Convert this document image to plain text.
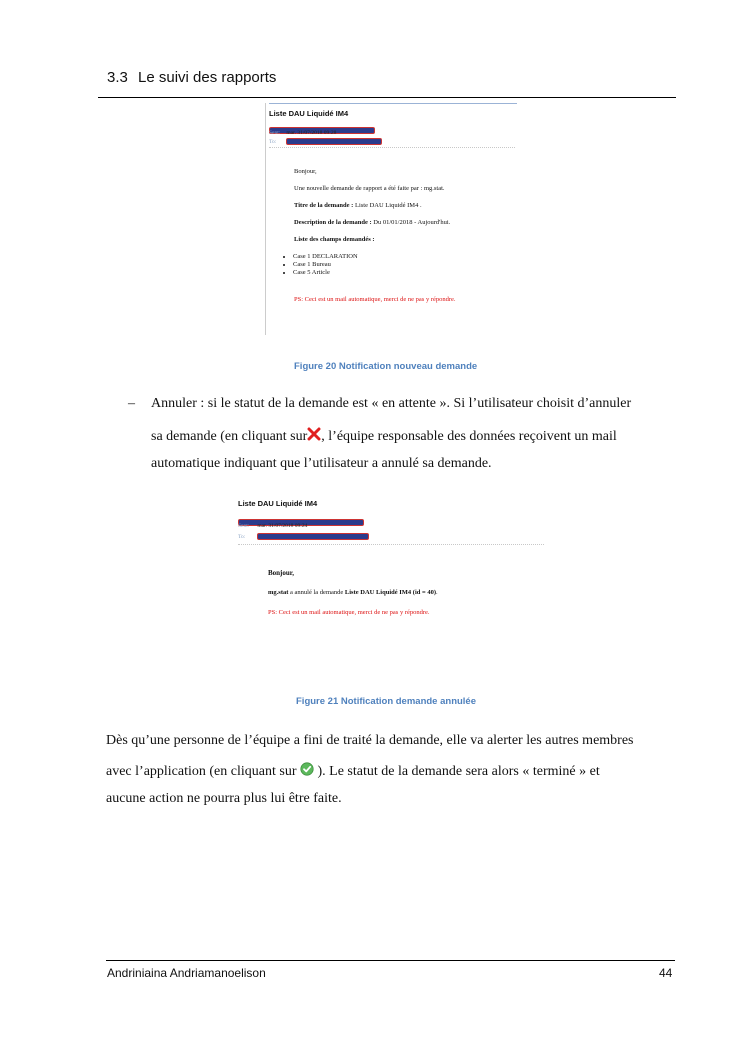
3.3 Le suivi des rapports
Liste DAU Liquidé IM4
Sent: mar. 31/07/2018 09:28
To:
Bonjour,
Une nouvelle demande de rapport a été faite par : mg.stat.
Titre de la demande : Liste DAU Liquidé IM4 .
Description de la demande : Du 01/01/2018 - Aujourd'hui.
Liste des champs demandés :
• Case 1 DECLARATION
• Case 1 Bureau
• Case 5 Article
PS: Ceci est un mail automatique, merci de ne pas y répondre.
Figure 20 Notification nouveau demande
– Annuler : si le statut de la demande est « en attente ». Si l’utilisateur choisit d’annuler
sa demande (en cliquant sur , l’équipe responsable des données reçoivent un mail
automatique indiquant que l’utilisateur a annulé sa demande.
Liste DAU Liquidé IM4
Sent: mar. 31/07/2018 09:24
To:
Bonjour,
mg.stat a annulé la demande Liste DAU Liquidé IM4 (id = 40).
PS: Ceci est un mail automatique, merci de ne pas y répondre.
Figure 21 Notification demande annulée
Dès qu’une personne de l’équipe a fini de traité la demande, elle va alerter les autres membres
avec l’application (en cliquant sur ). Le statut de la demande sera alors « terminé » et
aucune action ne pourra plus lui être faite.
Andriniaina Andriamanoelison	44
